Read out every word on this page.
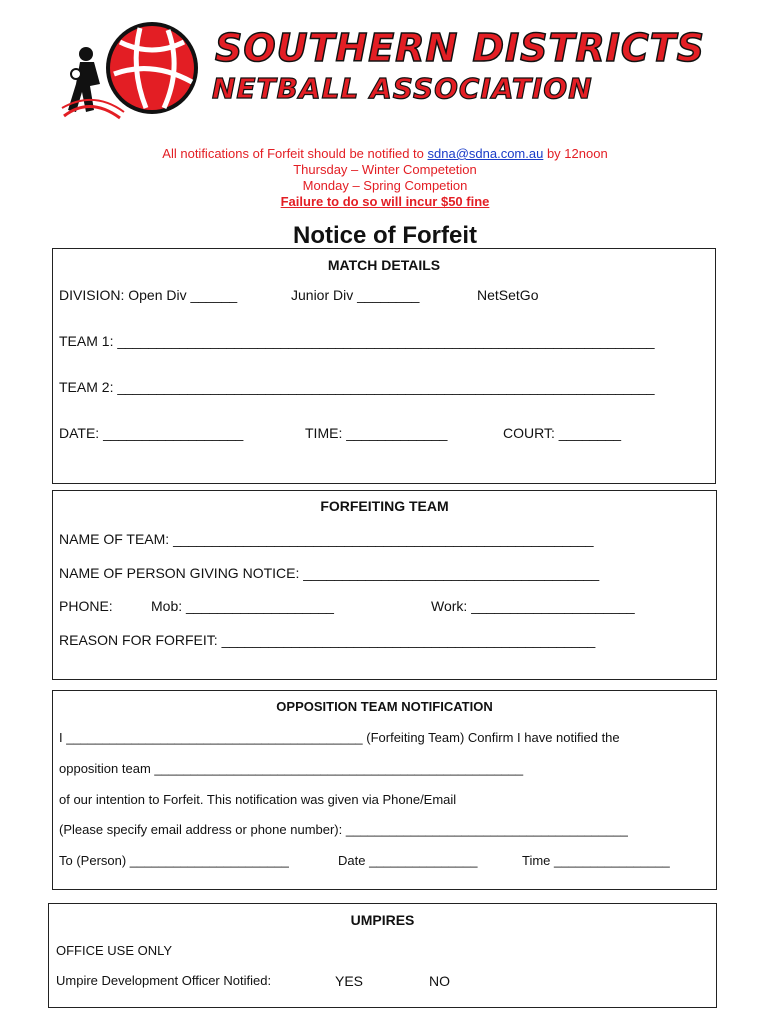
SOUTHERN DISTRICTS
NETBALL ASSOCIATION
All notifications of Forfeit should be notified to sdna@sdna.com.au by 12noon
Thursday – Winter Competetion
Monday – Spring Competion
Failure to do so will incur $50 fine
Notice of Forfeit
MATCH DETAILS
DIVISION: Open Div ______	Junior Div ________	NetSetGo
TEAM 1: _____________________________________________________________________
TEAM 2: _____________________________________________________________________
DATE: __________________	TIME: _____________	COURT: ________
FORFEITING TEAM
NAME OF TEAM: ______________________________________________________
NAME OF PERSON GIVING NOTICE: ______________________________________
PHONE:	Mob: ___________________	Work: _____________________
REASON FOR FORFEIT: ________________________________________________
OPPOSITION TEAM NOTIFICATION
I _________________________________________ (Forfeiting Team) Confirm I have notified the
opposition team ___________________________________________________
of our intention to Forfeit. This notification was given via Phone/Email
(Please specify email address or phone number): _______________________________________
To (Person) ______________________	Date _______________	Time ________________
UMPIRES
OFFICE USE ONLY
Umpire Development Officer Notified:	YES	NO
